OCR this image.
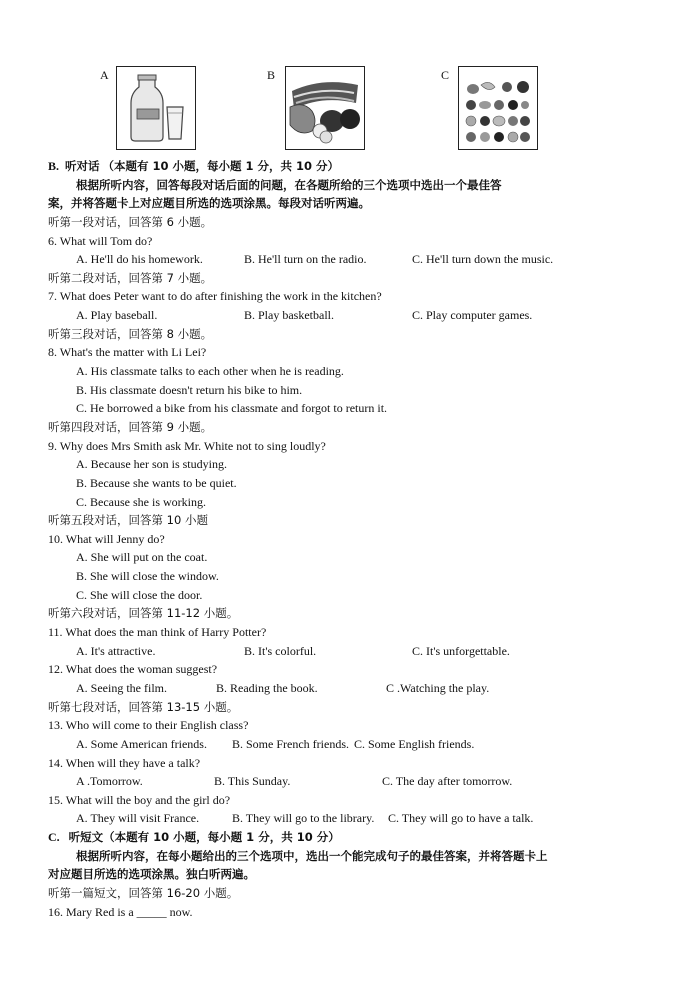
A	B	C
B. 听对话 （本题有 10 小题，每小题 1 分，共 10 分）
根据所听内容，回答每段对话后面的问题，在各题所给的三个选项中选出一个最佳答
案，并将答题卡上对应题目所选的选项涂黑。每段对话听两遍。
听第一段对话，回答第 6 小题。
6. What will Tom do?
A. He'll do his homework.	B. He'll turn on the radio.	C. He'll turn down the music.
听第二段对话，回答第 7 小题。
7. What does Peter want to do after finishing the work in the kitchen?
A. Play baseball.	B. Play basketball.	C. Play computer games.
听第三段对话，回答第 8 小题。
8. What's the matter with Li Lei?
A. His classmate talks to each other when he is reading.
B. His classmate doesn't return his bike to him.
C. He borrowed a bike from his classmate and forgot to return it.
听第四段对话，回答第 9 小题。
9. Why does Mrs Smith ask Mr. White not to sing loudly?
A. Because her son is studying.
B. Because she wants to be quiet.
C. Because she is working.
听第五段对话，回答第 10 小题
10. What will Jenny do?
A. She will put on the coat.
B. She will close the window.
C. She will close the door.
听第六段对话，回答第 11-12 小题。
11. What does the man think of Harry Potter?
A. It's attractive.	B. It's colorful.	C. It's unforgettable.
12. What does the woman suggest?
A. Seeing the film.	B. Reading the book.	C .Watching the play.
听第七段对话，回答第 13-15 小题。
13. Who will come to their English class?
A. Some American friends.	B. Some French friends. C. Some English friends.
14. When will they have a talk?
A .Tomorrow.	B. This Sunday.	C. The day after tomorrow.
15. What will the boy and the girl do?
A. They will visit France.	B. They will go to the library.	C. They will go to have a talk.
C. 听短文（本题有 10 小题，每小题 1 分，共 10 分）
根据所听内容，在每小题给出的三个选项中，选出一个能完成句子的最佳答案，并将答题卡上
对应题目所选的选项涂黑。独白听两遍。
听第一篇短文，回答第 16-20 小题。
16. Mary Red is a _____ now.
